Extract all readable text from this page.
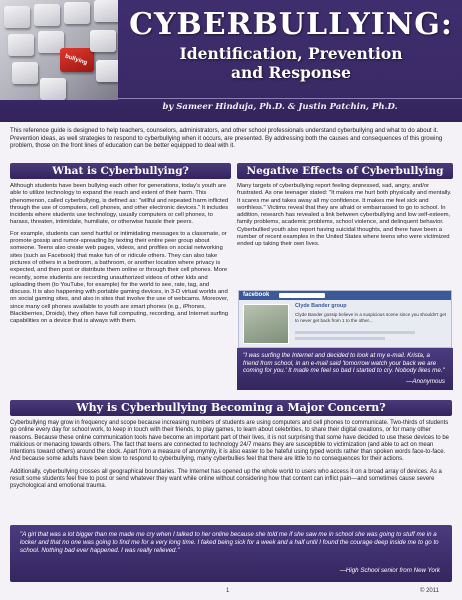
bullying
CYBERBULLYING:
Identification, Prevention
and Response
by Sameer Hinduja, Ph.D. & Justin Patchin, Ph.D.
This reference guide is designed to help teachers, counselors, administrators, and other school professionals understand cyberbullying and what to do about it. Prevention ideas, as well strategies to respond to cyberbullying when it occurs, are presented. By addressing both the causes and consequences of this growing problem, those on the front lines of education can be better equipped to deal with it.
What is Cyberbullying?	Negative Effects of Cyberbullying

Although students have been bullying each other for generations, today's youth are able to utilize technology to expand the reach and extent of their harm. This phenomenon, called cyberbullying, is defined as: "willful and repeated harm inflicted through the use of computers, cell phones, and other electronic devices." It includes incidents where students use technology, usually computers or cell phones, to harass, threaten, intimidate, humiliate, or otherwise hassle their peers.

For example, students can send hurtful or intimidating messages to a classmate, or promote gossip and rumor-spreading by texting their entire peer group about someone. Teens also create web pages, videos, and profiles on social networking sites (such as Facebook) that make fun of or ridicule others. They can also take pictures of others in a bedroom, a bathroom, or another location where privacy is expected, and then post or distribute them online or through their cell phones. More recently, some students are recording unauthorized videos of other kids and uploading them (to YouTube, for example) for the world to see, rate, tag, and discuss. It is also happening with portable gaming devices, in 3-D virtual worlds and on social gaming sites, and also in sites that involve the use of webcams. Moreover, since many cell phones available to youth are smart phones (e.g., iPhones, Blackberries, Droids), they often have full computing, recording, and Internet surfing capabilities on a device that is always with them.

Many targets of cyberbullying report feeling depressed, sad, angry, and/or frustrated. As one teenager stated: "It makes me hurt both physically and mentally. It scares me and takes away all my confidence. It makes me feel sick and worthless." Victims reveal that they are afraid or embarrassed to go to school. In addition, research has revealed a link between cyberbullying and low self-esteem, family problems, academic problems, school violence, and delinquent behavior. Cyberbullied youth also report having suicidal thoughts, and there have been a number of recent examples in the United States where teens who were victimized ended up taking their own lives.

facebook
Clyde Bander group
Clyde Bander gossip believe in a suspicious scene since you shouldn't get to never get back from 1 to the other...
"I was surfing the Internet and decided to look at my e-mail. Krista, a friend from school, in an e-mail said 'tomorrow watch your back we are coming for you.' It made me feel so bad I started to cry. Nobody likes me."
—Anonymous
Why is Cyberbullying Becoming a Major Concern?

Cyberbullying may grow in frequency and scope because increasing numbers of students are using computers and cell phones to communicate. Two-thirds of students go online every day for school work, to keep in touch with their friends, to play games, to learn about celebrities, to share their digital creations, or for many other reasons. Because these online communication tools have become an important part of their lives, it is not surprising that some have decided to use these devices to be malicious or menacing towards others. The fact that teens are connected to technology 24/7 means they are susceptible to victimization (and able to act on mean intentions toward others) around the clock. Apart from a measure of anonymity, it is also easier to be hateful using typed words rather than spoken words face-to-face. And because some adults have been slow to respond to cyberbullying, many cyberbullies feel that there are little to no consequences for their actions.

Additionally, cyberbullying crosses all geographical boundaries. The Internet has opened up the whole world to users who access it on a broad array of devices. As a result some students feel free to post or send whatever they want while online without considering how that content can inflict pain—and sometimes cause severe psychological and emotional trauma.

"A girl that was a lot bigger than me made me cry when I talked to her online because she told me if she saw me in school she was going to stuff me in a locker and that no one was going to find me for a very long time. I faked being sick for a week and a half until I found the courage deep inside me to go to school. Nothing bad ever happened. I was really relieved."
—High School senior from New York
1	© 2011
